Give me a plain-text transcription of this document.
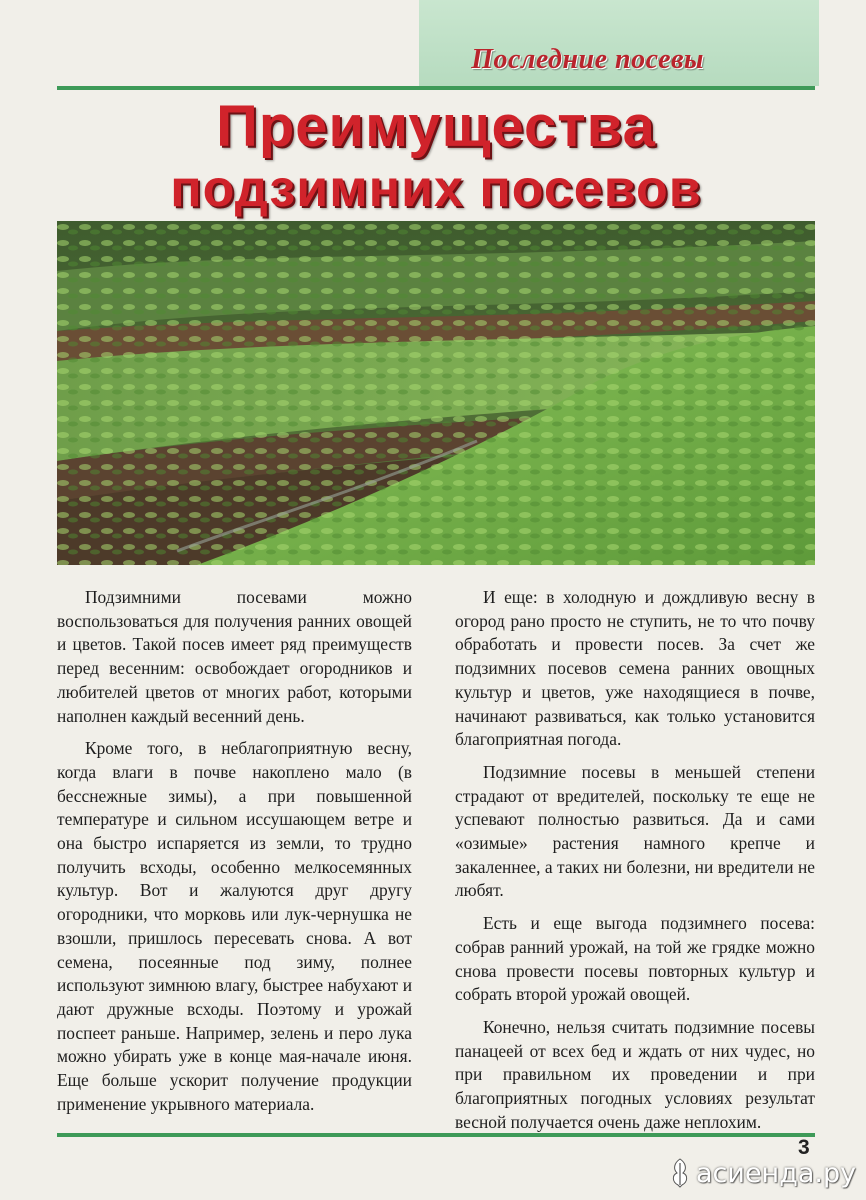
Последние посевы
Преимущества
подзимних посевов

Подзимними посевами можно воспользоваться для получения ранних овощей и цветов. Такой посев имеет ряд преимуществ перед весенним: освобождает огородников и любителей цветов от многих работ, которыми наполнен каждый весенний день.

Кроме того, в неблагоприятную весну, когда влаги в почве накоплено мало (в бесснежные зимы), а при повышенной температуре и сильном иссушающем ветре и она быстро испаряется из земли, то трудно получить всходы, особенно мелкосемянных культур. Вот и жалуются друг другу огородники, что морковь или лук-чернушка не взошли, пришлось пересевать снова. А вот семена, посеянные под зиму, полнее используют зимнюю влагу, быстрее набухают и дают дружные всходы. Поэтому и урожай поспеет раньше. Например, зелень и перо лука можно убирать уже в конце мая-начале июня. Еще больше ускорит получение продукции применение укрывного материала.

И еще: в холодную и дождливую весну в огород рано просто не ступить, не то что почву обработать и провести посев. За счет же подзимних посевов семена ранних овощных культур и цветов, уже находящиеся в почве, начинают развиваться, как только установится благоприятная погода.

Подзимние посевы в меньшей степени страдают от вредителей, поскольку те еще не успевают полностью развиться. Да и сами «озимые» растения намного крепче и закаленнее, а таких ни болезни, ни вредители не любят.

Есть и еще выгода подзимнего посева: собрав ранний урожай, на той же грядке можно снова провести посевы повторных культур и собрать второй урожай овощей.

Конечно, нельзя считать подзимние посевы панацеей от всех бед и ждать от них чудес, но при правильном их проведении и при благоприятных погодных условиях результат весной получается очень даже неплохим.

3
асиенда.ру
